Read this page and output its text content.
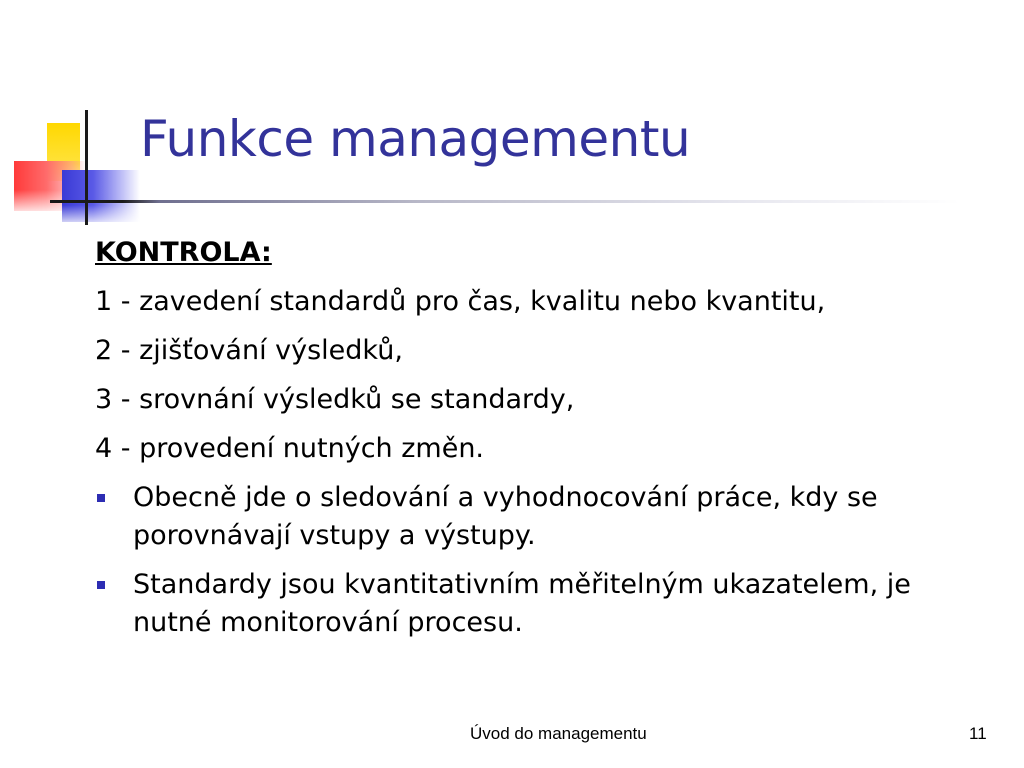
Funkce managementu
KONTROLA:
1 - zavedení standardů pro čas, kvalitu nebo kvantitu,
2 - zjišťování výsledků,
3 - srovnání výsledků se standardy,
4 - provedení nutných změn.
Obecně jde o sledování a vyhodnocování práce, kdy se porovnávají vstupy a výstupy.
Standardy jsou kvantitativním měřitelným ukazatelem, je nutné monitorování procesu.
Úvod do managementu	11
